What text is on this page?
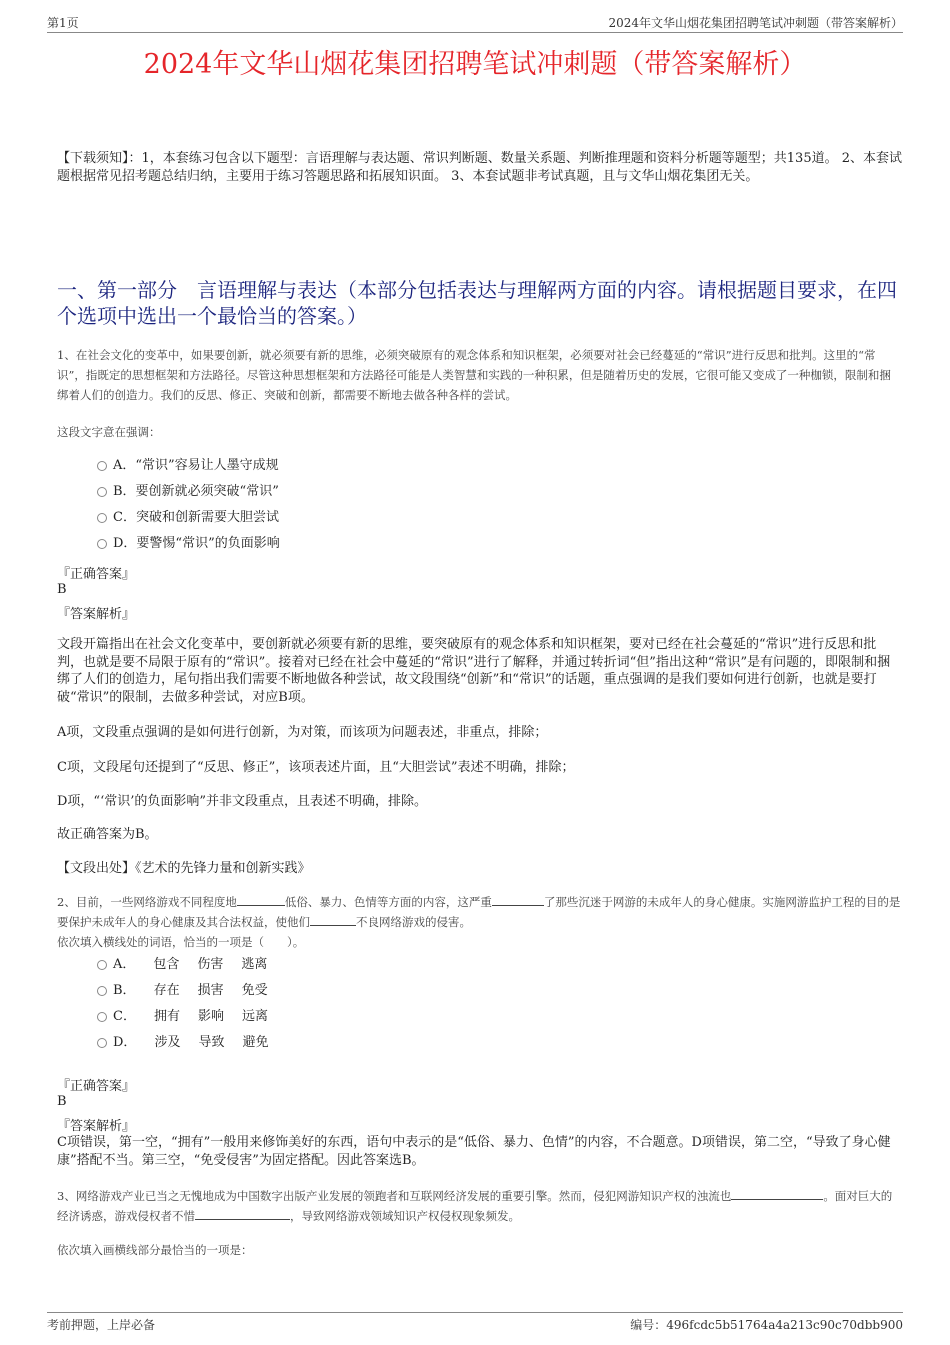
第1页	2024年文华山烟花集团招聘笔试冲刺题（带答案解析）
2024年文华山烟花集团招聘笔试冲刺题（带答案解析）
【下载须知】：1，本套练习包含以下题型：言语理解与表达题、常识判断题、数量关系题、判断推理题和资料分析题等题型；共135道。 2、本套试题根据常见招考题总结归纳，主要用于练习答题思路和拓展知识面。 3、本套试题非考试真题，且与文华山烟花集团无关。
一、第一部分　言语理解与表达（本部分包括表达与理解两方面的内容。请根据题目要求，在四个选项中选出一个最恰当的答案。）
1、在社会文化的变革中，如果要创新，就必须要有新的思维，必须突破原有的观念体系和知识框架，必须要对社会已经蔓延的“常识”进行反思和批判。这里的“常识”，指既定的思想框架和方法路径。尽管这种思想框架和方法路径可能是人类智慧和实践的一种积累，但是随着历史的发展，它很可能又变成了一种枷锁，限制和捆绑着人们的创造力。我们的反思、修正、突破和创新，都需要不断地去做各种各样的尝试。
这段文字意在强调：
A．“常识”容易让人墨守成规
B．要创新就必须突破“常识”
C．突破和创新需要大胆尝试
D．要警惕“常识”的负面影响
『正确答案』
B
『答案解析』
文段开篇指出在社会文化变革中，要创新就必须要有新的思维，要突破原有的观念体系和知识框架，要对已经在社会蔓延的“常识”进行反思和批判，也就是要不局限于原有的“常识”。接着对已经在社会中蔓延的“常识”进行了解释，并通过转折词“但”指出这种“常识”是有问题的，即限制和捆绑了人们的创造力，尾句指出我们需要不断地做各种尝试，故文段围绕“创新”和“常识”的话题，重点强调的是我们要如何进行创新，也就是要打破“常识”的限制，去做多种尝试，对应B项。
A项，文段重点强调的是如何进行创新，为对策，而该项为问题表述，非重点，排除；
C项，文段尾句还提到了“反思、修正”，该项表述片面，且“大胆尝试”表述不明确，排除；
D项，“‘常识’的负面影响”并非文段重点，且表述不明确，排除。
故正确答案为B。
【文段出处】《艺术的先锋力量和创新实践》
2、目前，一些网络游戏不同程度地	低俗、暴力、色情等方面的内容，这严重	了那些沉迷于网游的未成年人的身心健康。实施网游监护工程的目的是要保护未成年人的身心健康及其合法权益，使他们	不良网络游戏的侵害。
依次填入横线处的词语，恰当的一项是（　　）。
A． 包含 伤害 逃离
B． 存在 损害 免受
C． 拥有 影响 远离
D． 涉及 导致 避免
『正确答案』
B
『答案解析』
C项错误，第一空，“拥有”一般用来修饰美好的东西，语句中表示的是“低俗、暴力、色情”的内容，不合题意。D项错误，第二空，“导致了身心健康”搭配不当。第三空，“免受侵害”为固定搭配。因此答案选B。
3、网络游戏产业已当之无愧地成为中国数字出版产业发展的领跑者和互联网经济发展的重要引擎。然而，侵犯网游知识产权的浊流也	。面对巨大的经济诱惑，游戏侵权者不惜	，导致网络游戏领域知识产权侵权现象频发。
依次填入画横线部分最恰当的一项是：
考前押题，上岸必备	编号：496fcdc5b51764a4a213c90c70dbb900
